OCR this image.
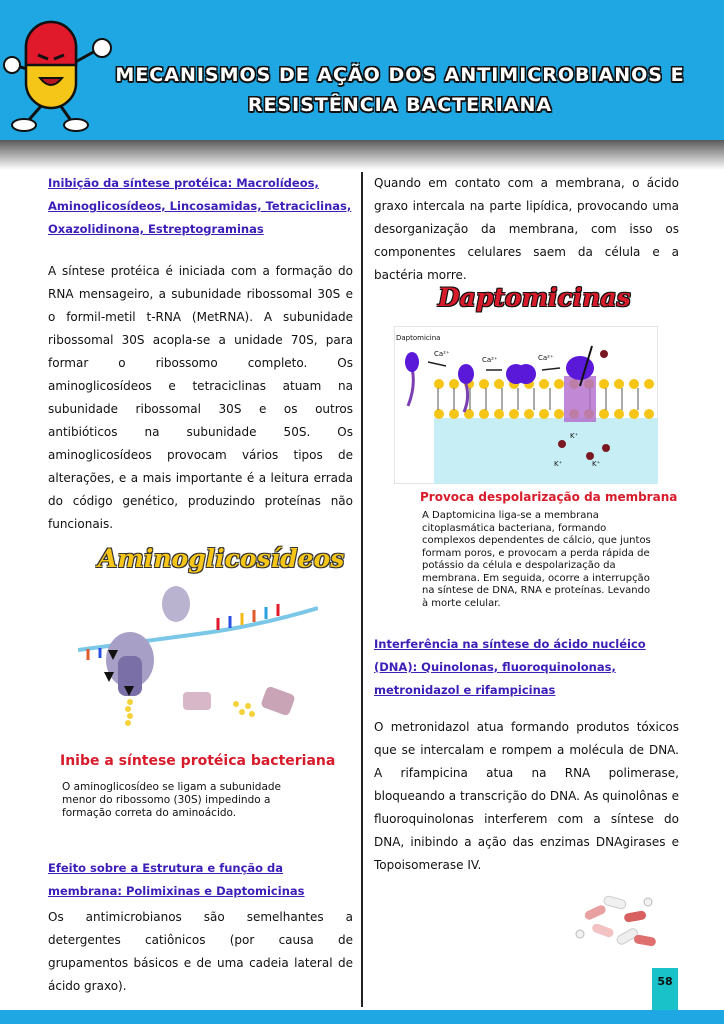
MECANISMOS DE AÇÃO DOS ANTIMICROBIANOS E
RESISTÊNCIA BACTERIANA
Inibição da síntese protéica: Macrolídeos, Aminoglicosídeos, Lincosamidas, Tetraciclinas, Oxazolidinona, Estreptograminas
A síntese protéica é iniciada com a formação do RNA mensageiro, a subunidade ribossomal 30S e o formil-metil t-RNA (MetRNA). A subunidade ribossomal 30S acopla-se a unidade 70S, para formar o ribossomo completo. Os aminoglicosídeos e tetraciclinas atuam na subunidade ribossomal 30S e os outros antibióticos na subunidade 50S. Os aminoglicosídeos provocam vários tipos de alterações, e a mais importante é a leitura errada do código genético, produzindo proteínas não funcionais.
Aminoglicosídeos
Inibe a síntese protéica bacteriana
O aminoglicosídeo se ligam a subunidade menor do ribossomo (30S) impedindo a formação correta do aminoácido.
Efeito sobre a Estrutura e função da membrana: Polimixinas e Daptomicinas
Os antimicrobianos são semelhantes a detergentes catiônicos (por causa de grupamentos básicos e de uma cadeia lateral de ácido graxo).
Quando em contato com a membrana, o ácido graxo intercala na parte lipídica, provocando uma desorganização da membrana, com isso os componentes celulares saem da célula e a bactéria morre.
Daptomicinas
Daptomicina
Ca²⁺
Ca²⁺	Ca²⁺
K⁺
K⁺	K⁺
Provoca despolarização da membrana
A Daptomicina liga-se a membrana citoplasmática bacteriana, formando complexos dependentes de cálcio, que juntos formam poros, e provocam a perda rápida de potássio da célula e despolarização da membrana. Em seguida, ocorre a interrupção na síntese de DNA, RNA e proteínas. Levando à morte celular.
Interferência na síntese do ácido nucléico (DNA): Quinolonas, fluoroquinolonas, metronidazol e rifampicinas
O metronidazol atua formando produtos tóxicos que se intercalam e rompem a molécula de DNA. A rifampicina atua na RNA polimerase, bloqueando a transcrição do DNA. As quinolônas e fluoroquinolonas interferem com a síntese do DNA, inibindo a ação das enzimas DNAgirases e Topoisomerase IV.
58
